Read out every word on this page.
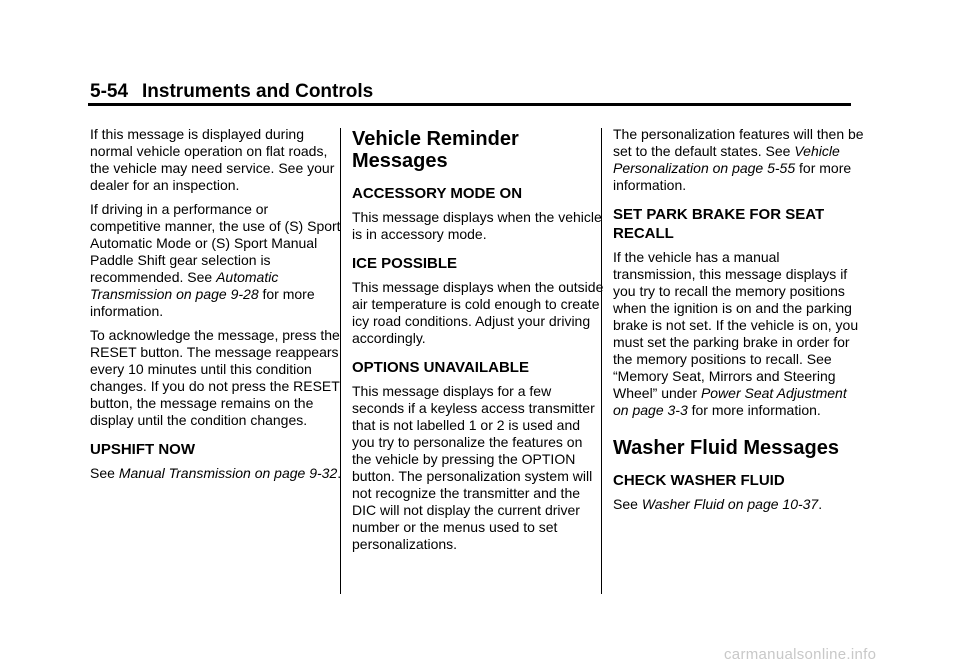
5-54 Instruments and Controls

If this message is displayed during normal vehicle operation on flat roads, the vehicle may need service. See your dealer for an inspection.

If driving in a performance or competitive manner, the use of (S) Sport Automatic Mode or (S) Sport Manual Paddle Shift gear selection is recommended. See Automatic Transmission on page 9-28 for more information.

To acknowledge the message, press the RESET button. The message reappears every 10 minutes until this condition changes. If you do not press the RESET button, the message remains on the display until the condition changes.

UPSHIFT NOW

See Manual Transmission on page 9-32.

Vehicle Reminder Messages
ACCESSORY MODE ON

This message displays when the vehicle is in accessory mode.

ICE POSSIBLE

This message displays when the outside air temperature is cold enough to create icy road conditions. Adjust your driving accordingly.

OPTIONS UNAVAILABLE

This message displays for a few seconds if a keyless access transmitter that is not labelled 1 or 2 is used and you try to personalize the features on the vehicle by pressing the OPTION button. The personalization system will not recognize the transmitter and the DIC will not display the current driver number or the menus used to set personalizations.

The personalization features will then be set to the default states. See Vehicle Personalization on page 5-55 for more information.

SET PARK BRAKE FOR SEAT RECALL

If the vehicle has a manual transmission, this message displays if you try to recall the memory positions when the ignition is on and the parking brake is not set. If the vehicle is on, you must set the parking brake in order for the memory positions to recall. See “Memory Seat, Mirrors and Steering Wheel” under Power Seat Adjustment on page 3-3 for more information.

Washer Fluid Messages
CHECK WASHER FLUID

See Washer Fluid on page 10-37.

carmanualsonline.info
